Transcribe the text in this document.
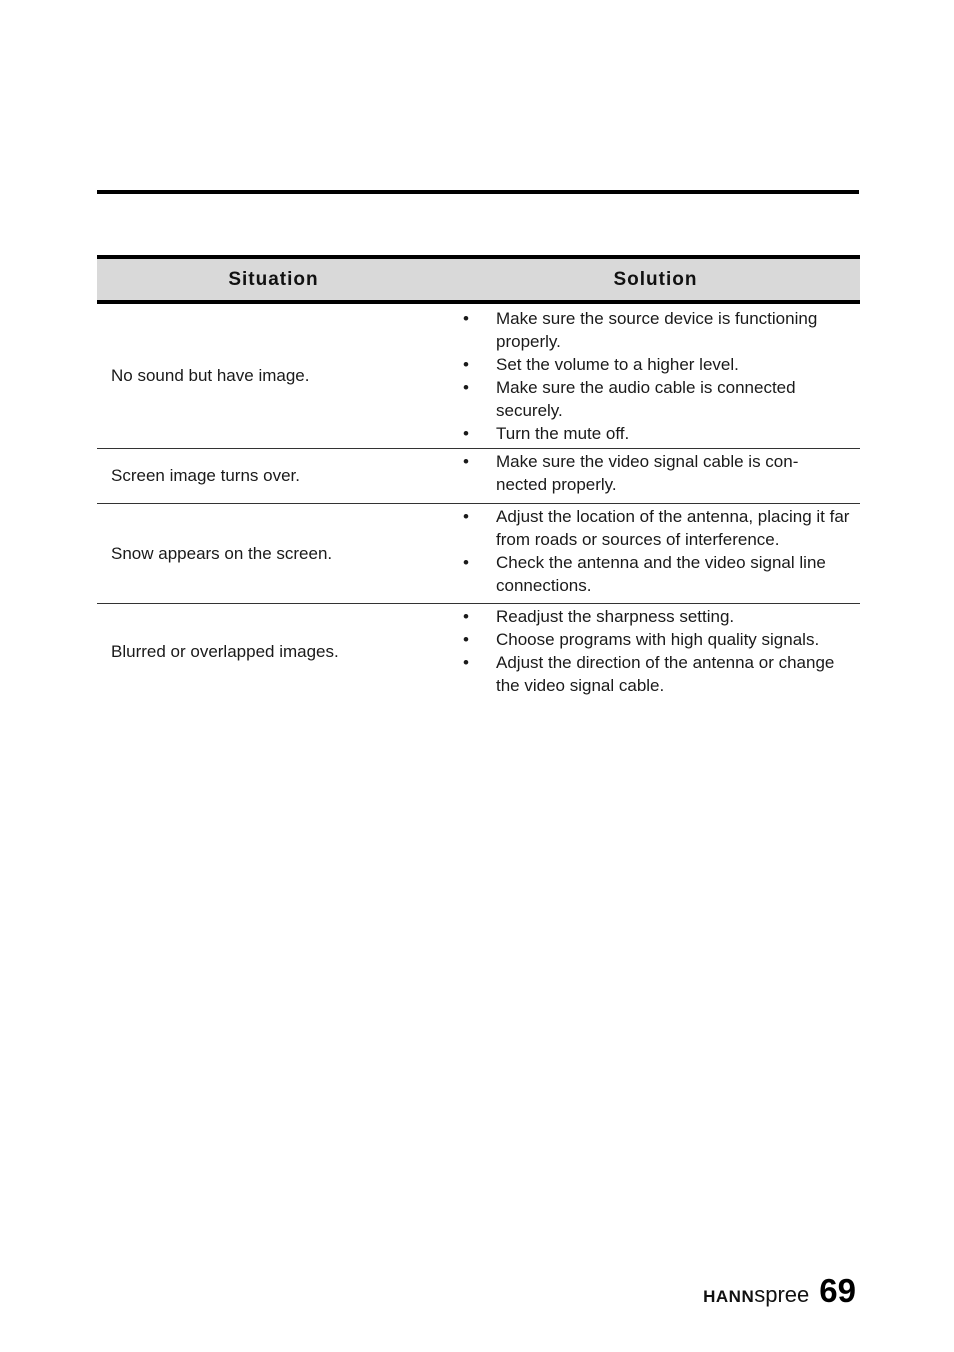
Situation	Solution
No sound but have image.
• Make sure the source device is functioning properly.
• Set the volume to a higher level.
• Make sure the audio cable is connected securely.
• Turn the mute off.
Screen image turns over.
• Make sure the video signal cable is con-nected properly.
Snow appears on the screen.
• Adjust the location of the antenna, placing it far from roads or sources of interference.
• Check the antenna and the video signal line connections.
Blurred or overlapped images.
• Readjust the sharpness setting.
• Choose programs with high quality signals.
• Adjust the direction of the antenna or change the video signal cable.
HANN spree 69
